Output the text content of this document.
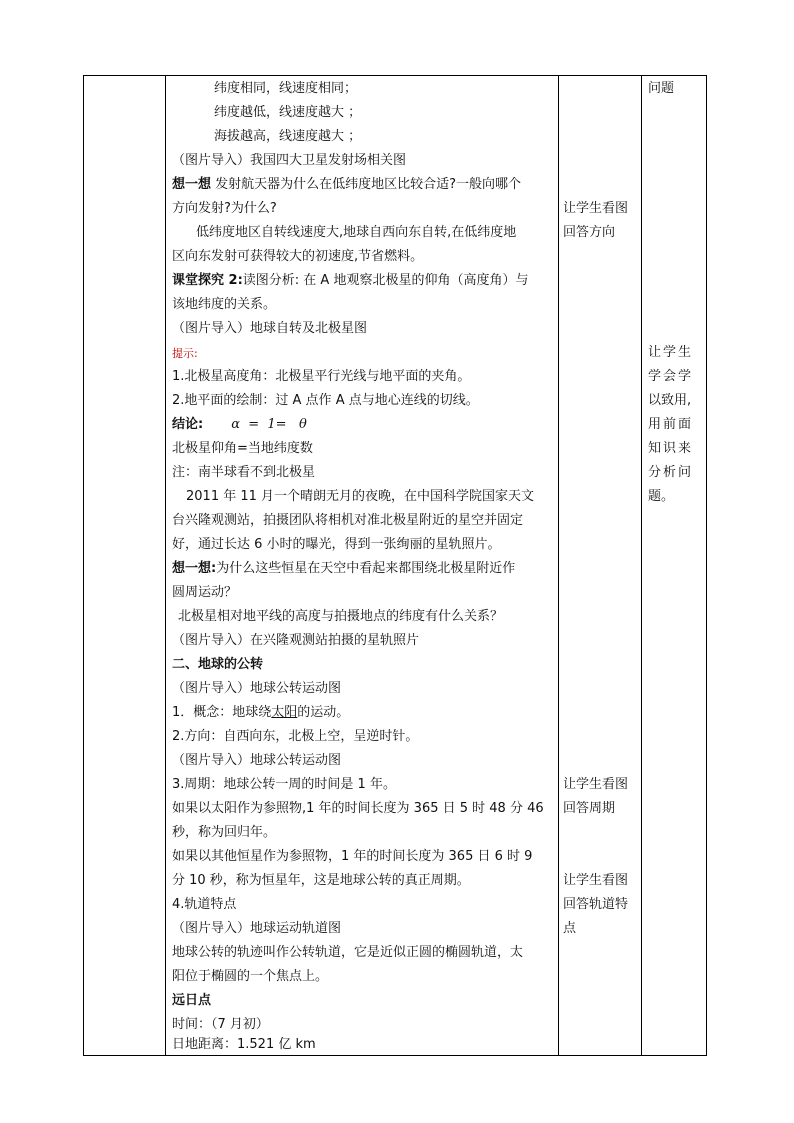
纬度相同，线速度相同；
纬度越低，线速度越大 ；
海拔越高，线速度越大 ；
（图片导入）我国四大卫星发射场相关图
想一想 发射航天器为什么在低纬度地区比较合适?一般向哪个
方向发射?为什么?
低纬度地区自转线速度大,地球自西向东自转,在低纬度地
区向东发射可获得较大的初速度,节省燃料。
课堂探究 2:读图分析: 在 A 地观察北极星的仰角（高度角）与
该地纬度的关系。
（图片导入）地球自转及北极星图
提示:
1.北极星高度角：北极星平行光线与地平面的夹角。
2.地平面的绘制：过 A 点作 A 点与地心连线的切线。
结论: α  =  1=   θ
北极星仰角=当地纬度数
注：南半球看不到北极星
2011 年 11 月一个晴朗无月的夜晚，在中国科学院国家天文
台兴隆观测站，拍摄团队将相机对准北极星附近的星空并固定
好，通过长达 6 小时的曝光，得到一张绚丽的星轨照片。
想一想:为什么这些恒星在天空中看起来都围绕北极星附近作
圆周运动？
北极星相对地平线的高度与拍摄地点的纬度有什么关系？
（图片导入）在兴隆观测站拍摄的星轨照片
二、地球的公转
（图片导入）地球公转运动图
1．概念：地球绕太阳的运动。
2.方向：自西向东，北极上空，呈逆时针。
（图片导入）地球公转运动图
3.周期：地球公转一周的时间是 1 年。
如果以太阳作为参照物,1 年的时间长度为 365 日 5 时 48 分 46
秒，称为回归年。
如果以其他恒星作为参照物，1 年的时间长度为 365 日 6 时 9
分 10 秒，称为恒星年，这是地球公转的真正周期。
4.轨道特点
（图片导入）地球运动轨道图
地球公转的轨迹叫作公转轨道，它是近似正圆的椭圆轨道，太
阳位于椭圆的一个焦点上。
远日点
时间：（7 月初）
日地距离：1.521 亿 km

让学生看图
回答方向
让学生看图
回答周期
让学生看图
回答轨道特
点

问题
让学生
学会学
以致用,
用前面
知识来
分析问
题。
